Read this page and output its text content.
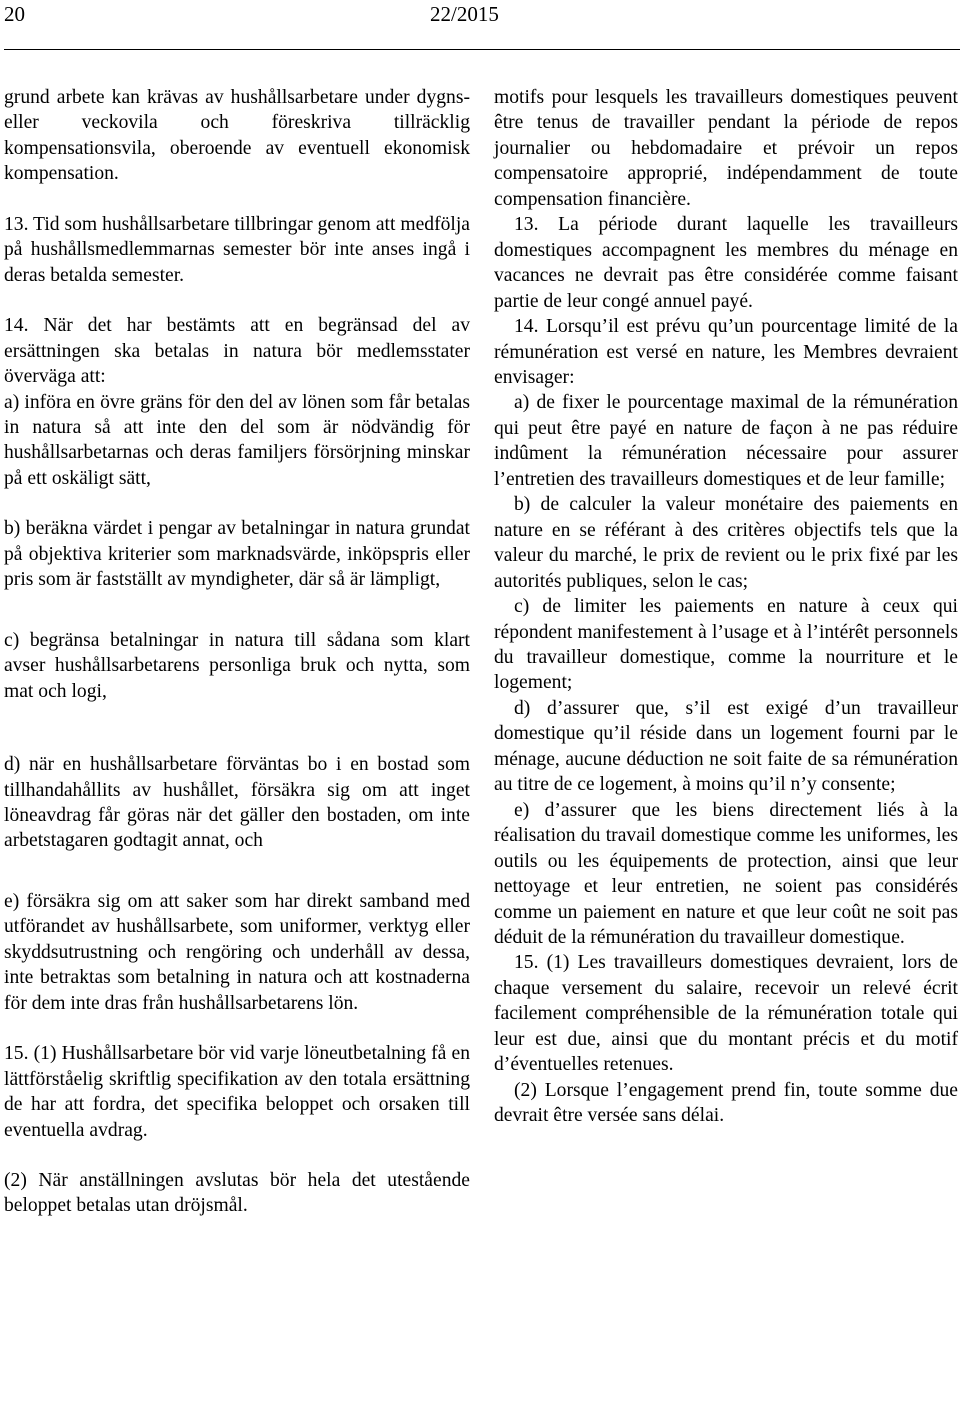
20	22/2015

grund arbete kan krävas av hushållsarbetare under dygns- eller veckovila och föreskriva tillräcklig kompensationsvila, oberoende av eventuell ekonomisk kompensation.

13. Tid som hushållsarbetare tillbringar genom att medfölja på hushållsmedlemmarnas semester bör inte anses ingå i deras betalda semester.

14. När det har bestämts att en begränsad del av ersättningen ska betalas in natura bör medlemsstater överväga att:

a) införa en övre gräns för den del av lönen som får betalas in natura så att inte den del som är nödvändig för hushållsarbetarnas och deras familjers försörjning minskar på ett oskäligt sätt,

b) beräkna värdet i pengar av betalningar in natura grundat på objektiva kriterier som marknadsvärde, inköpspris eller pris som är fastställt av myndigheter, där så är lämpligt,

c) begränsa betalningar in natura till sådana som klart avser hushållsarbetarens personliga bruk och nytta, som mat och logi,

d) när en hushållsarbetare förväntas bo i en bostad som tillhandahållits av hushållet, försäkra sig om att inget löneavdrag får göras när det gäller den bostaden, om inte arbetstagaren godtagit annat, och

e) försäkra sig om att saker som har direkt samband med utförandet av hushållsarbete, som uniformer, verktyg eller skyddsutrustning och rengöring och underhåll av dessa, inte betraktas som betalning in natura och att kostnaderna för dem inte dras från hushållsarbetarens lön.

15. (1) Hushållsarbetare bör vid varje löneutbetalning få en lättförståelig skriftlig specifikation av den totala ersättning de har att fordra, det specifika beloppet och orsaken till eventuella avdrag.

(2) När anställningen avslutas bör hela det utestående beloppet betalas utan dröjsmål.

motifs pour lesquels les travailleurs domestiques peuvent être tenus de travailler pendant la période de repos journalier ou hebdomadaire et prévoir un repos compensatoire approprié, indépendamment de toute compensation financière.

13. La période durant laquelle les travailleurs domestiques accompagnent les membres du ménage en vacances ne devrait pas être considérée comme faisant partie de leur congé annuel payé.

14. Lorsqu’il est prévu qu’un pourcentage limité de la rémunération est versé en nature, les Membres devraient envisager:

a) de fixer le pourcentage maximal de la rémunération qui peut être payé en nature de façon à ne pas réduire indûment la rémunération nécessaire pour assurer l’entretien des travailleurs domestiques et de leur famille;

b) de calculer la valeur monétaire des paiements en nature en se référant à des critères objectifs tels que la valeur du marché, le prix de revient ou le prix fixé par les autorités publiques, selon le cas;

c) de limiter les paiements en nature à ceux qui répondent manifestement à l’usage et à l’intérêt personnels du travailleur domestique, comme la nourriture et le logement;

d) d’assurer que, s’il est exigé d’un travailleur domestique qu’il réside dans un logement fourni par le ménage, aucune déduction ne soit faite de sa rémunération au titre de ce logement, à moins qu’il n’y consente;

e) d’assurer que les biens directement liés à la réalisation du travail domestique comme les uniformes, les outils ou les équipements de protection, ainsi que leur nettoyage et leur entretien, ne soient pas considérés comme un paiement en nature et que leur coût ne soit pas déduit de la rémunération du travailleur domestique.

15. (1) Les travailleurs domestiques devraient, lors de chaque versement du salaire, recevoir un relevé écrit facilement compréhensible de la rémunération totale qui leur est due, ainsi que du montant précis et du motif d’éventuelles retenues.

(2) Lorsque l’engagement prend fin, toute somme due devrait être versée sans délai.
